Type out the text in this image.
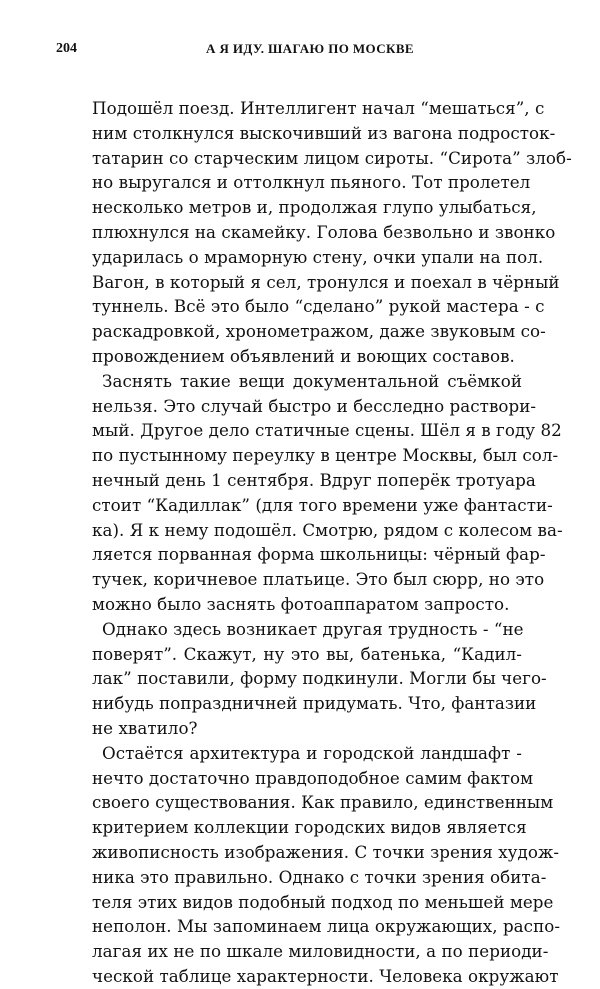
204	А Я ИДУ. ШАГАЮ ПО МОСКВЕ
Подошёл поезд. Интеллигент начал “мешаться”, с
ним столкнулся выскочивший из вагона подросток-
татарин со старческим лицом сироты. “Сирота” злоб-
но выругался и оттолкнул пьяного. Тот пролетел
несколько метров и, продолжая глупо улыбаться,
плюхнулся на скамейку. Голова безвольно и звонко
ударилась о мраморную стену, очки упали на пол.
Вагон, в который я сел, тронулся и поехал в чёрный
туннель. Всё это было “сделано” рукой мастера - с
раскадровкой, хронометражом, даже звуковым со-
провождением объявлений и воющих составов.
Заснять такие вещи документальной съёмкой
нельзя. Это случай быстро и бесследно раствори-
мый. Другое дело статичные сцены. Шёл я в году 82
по пустынному переулку в центре Москвы, был сол-
нечный день 1 сентября. Вдруг поперёк тротуара
стоит “Кадиллак” (для того времени уже фантасти-
ка). Я к нему подошёл. Смотрю, рядом с колесом ва-
ляется порванная форма школьницы: чёрный фар-
тучек, коричневое платьице. Это был сюрр, но это
можно было заснять фотоаппаратом запросто.
Однако здесь возникает другая трудность - “не
поверят”. Скажут, ну это вы, батенька, “Кадил-
лак” поставили, форму подкинули. Могли бы чего-
нибудь попраздничней придумать. Что, фантазии
не хватило?
Остаётся архитектура и городской ландшафт -
нечто достаточно правдоподобное самим фактом
своего существования. Как правило, единственным
критерием коллекции городских видов является
живописность изображения. С точки зрения худож-
ника это правильно. Однако с точки зрения обита-
теля этих видов подобный подход по меньшей мере
неполон. Мы запоминаем лица окружающих, распо-
лагая их не по шкале миловидности, а по периоди-
ческой таблице характерности. Человека окружают
